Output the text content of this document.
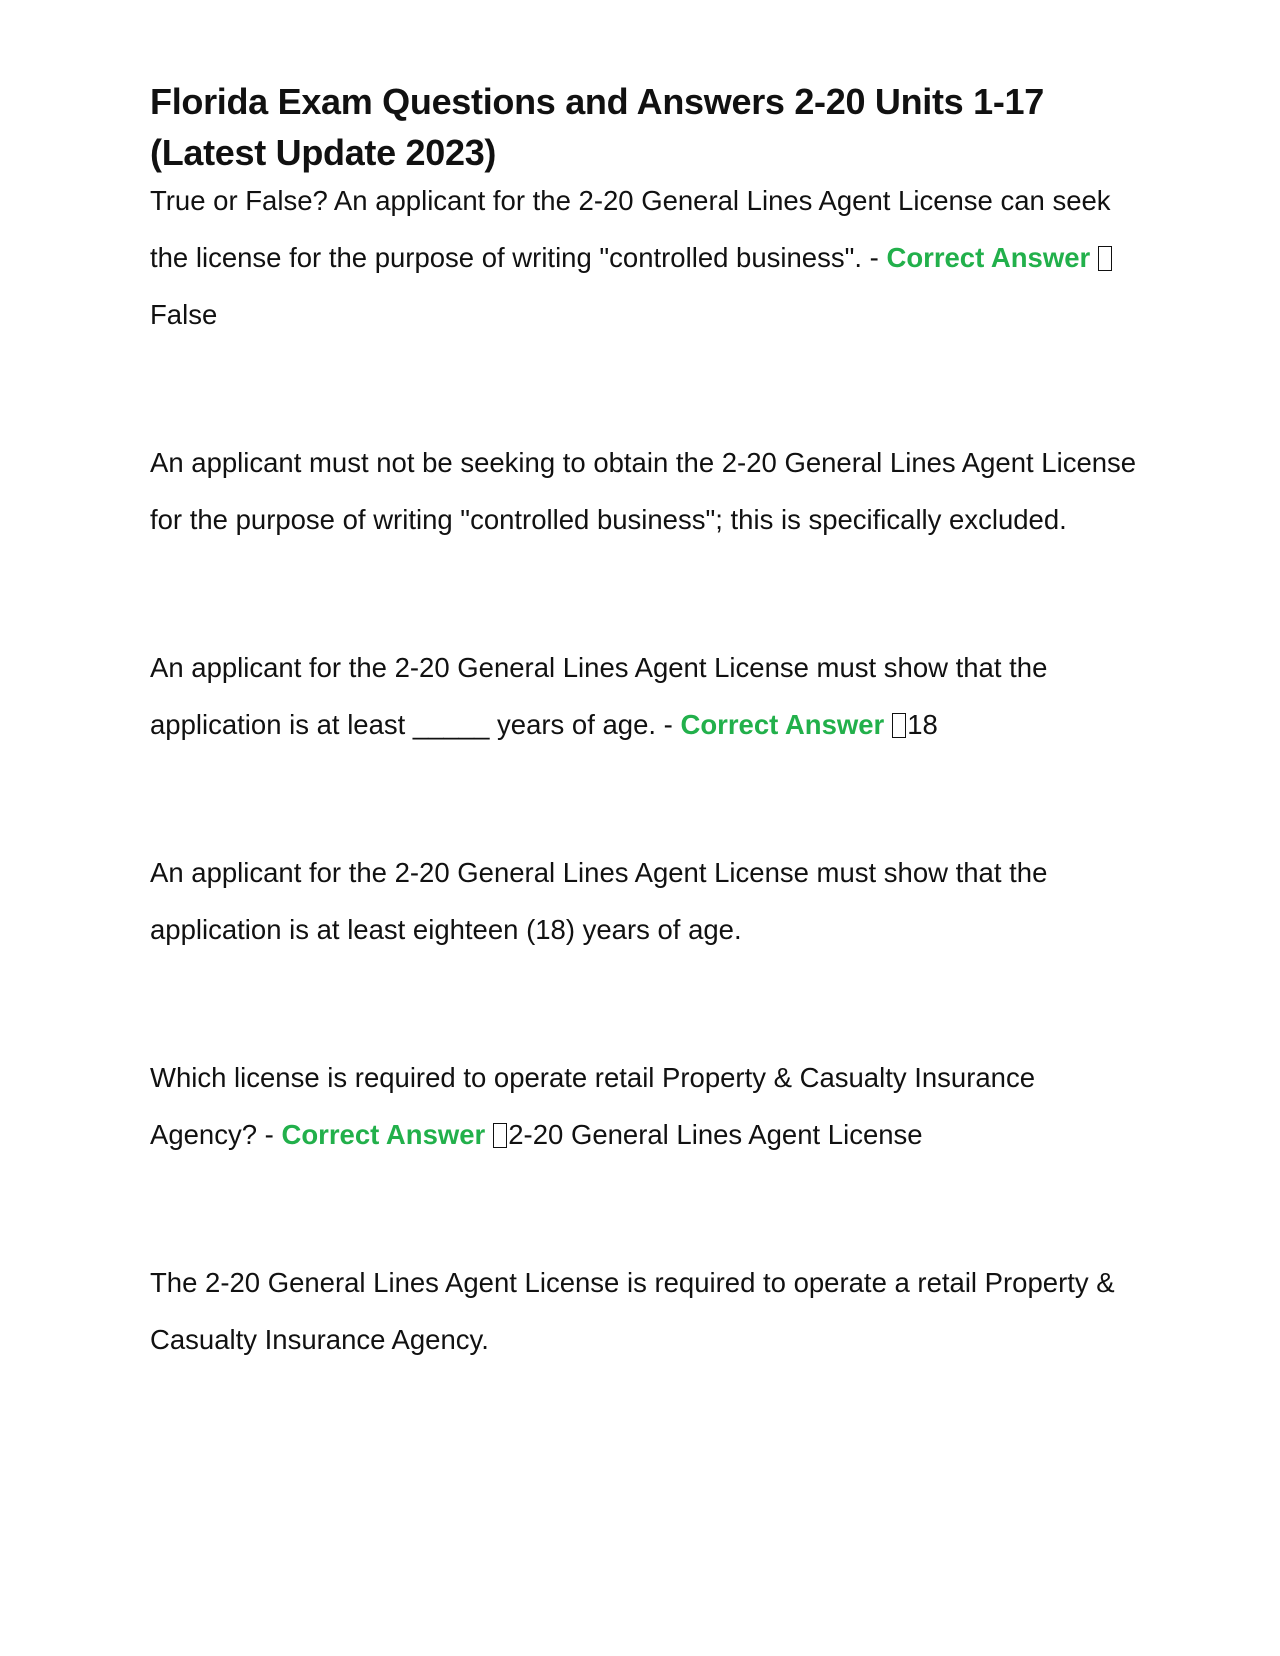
Florida Exam Questions and Answers 2-20 Units 1-17
(Latest Update 2023)

True or False? An applicant for the 2-20 General Lines Agent License can seek the license for the purpose of writing "controlled business". - Correct AnswerFalse

An applicant must not be seeking to obtain the 2-20 General Lines Agent License for the purpose of writing "controlled business"; this is specifically excluded.

An applicant for the 2-20 General Lines Agent License must show that the application is at least _____ years of age. - Correct Answer 18

An applicant for the 2-20 General Lines Agent License must show that the application is at least eighteen (18) years of age.

Which license is required to operate retail Property & Casualty Insurance Agency? - Correct Answer 2-20 General Lines Agent License

The 2-20 General Lines Agent License is required to operate a retail Property & Casualty Insurance Agency.
